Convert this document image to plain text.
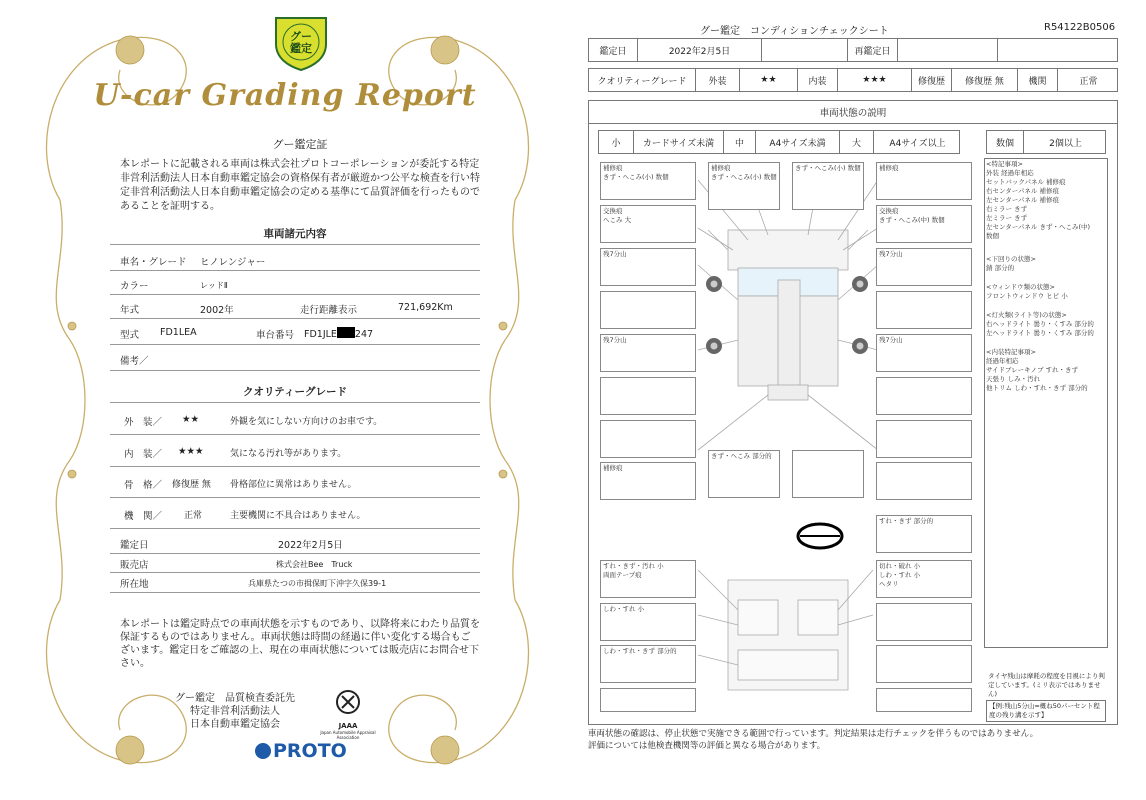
グー
鑑定
U-car Grading Report
グー鑑定証
本レポートに記載される車両は株式会社プロトコーポレーションが委託する特定非営利活動法人日本自動車鑑定協会の資格保有者が厳遊かつ公平な検査を行い特定非営利活動法人日本自動車鑑定協会の定める基準にて品質評価を行ったものであることを証明する。
車両諸元内容
車名・グレード ヒノレンジャー
カラー	レッドⅡ
年式	2002年	走行距離表示	721,692Km
型式 FD1LEA	車台番号 FD1JLE 247
備考／
クオリティーグレード
外　装／ ★★	外観を気にしない方向けのお車です。
内　装／ ★★★	気になる汚れ等があります。
骨　格／ 修復歴 無 骨格部位に異常はありません。
機　関／ 正常	主要機関に不具合はありません。
鑑定日	2022年2月5日
販売店	株式会社Bee　Truck
所在地	兵庫県たつの市揖保町下沖字久保39-1
本レポートは鑑定時点での車両状態を示すものであり、以降将来にわたり品質を保証するものではありません。車両状態は時間の経過に伴い変化する場合もございます。鑑定日をご確認の上、現在の車両状態については販売店にお問合せ下さい。
グー鑑定　品質検査委託先
特定非営利活動法人
日本自動車鑑定協会	JAAA
Japan Automobile Appraisal Association
PROTO
グー鑑定　コンディションチェックシート	R54122B0506
鑑定日	2022年2月5日	再鑑定日
クオリティーグレード	外装	★★	内装	★★★	修復歴	修復歴 無	機関	正常
車両状態の説明
小	カードサイズ未満	中	A4サイズ未満	大	A4サイズ以上	数個	2個以上
補修痕
きず・へこみ(小) 数個
交換痕
へこみ 大
残7分山
残7分山
補修痕
補修痕
きず・へこみ(小) 数個
きず・へこみ(小) 数個	補修痕
交換痕
きず・へこみ(中) 数個
残7分山
残7分山
きず・へこみ 部分的
すれ・きず 部分的
すれ・きず・汚れ 小
両面テープ痕
切れ・破れ 小
しわ・すれ 小
ヘタリ
しわ・すれ 小
しわ・すれ・きず 部分的
<特記事項>
外装 経過年相応
セットバックパネル 補修痕
右センターパネル 補修痕
左センターパネル 補修痕
右ミラー きず
左ミラー きず
左センターパネル きず・へこみ(中)
数個
<下回りの状態>
錆 部分的
<ウィンドウ類の状態>
フロントウィンドウ ヒビ 小
<灯火類(ライト等)の状態>
右ヘッドライト 曇り・くすみ 部分的
左ヘッドライト 曇り・くすみ 部分的
<内装特記事項>
経過年相応
サイドブレーキノブ すれ・きず
天張り しみ・汚れ
他トリム しわ・すれ・きず 部分的
タイヤ残山は摩耗の程度を目視により判定しています。(ミリ表示ではありません)
【例:残山5分山=概ね50パーセント程度の残り溝を示す】
車両状態の確認は、停止状態で実施できる範囲で行っています。判定結果は走行チェックを伴うものではありません。
評価については他検査機関等の評価と異なる場合があります。
